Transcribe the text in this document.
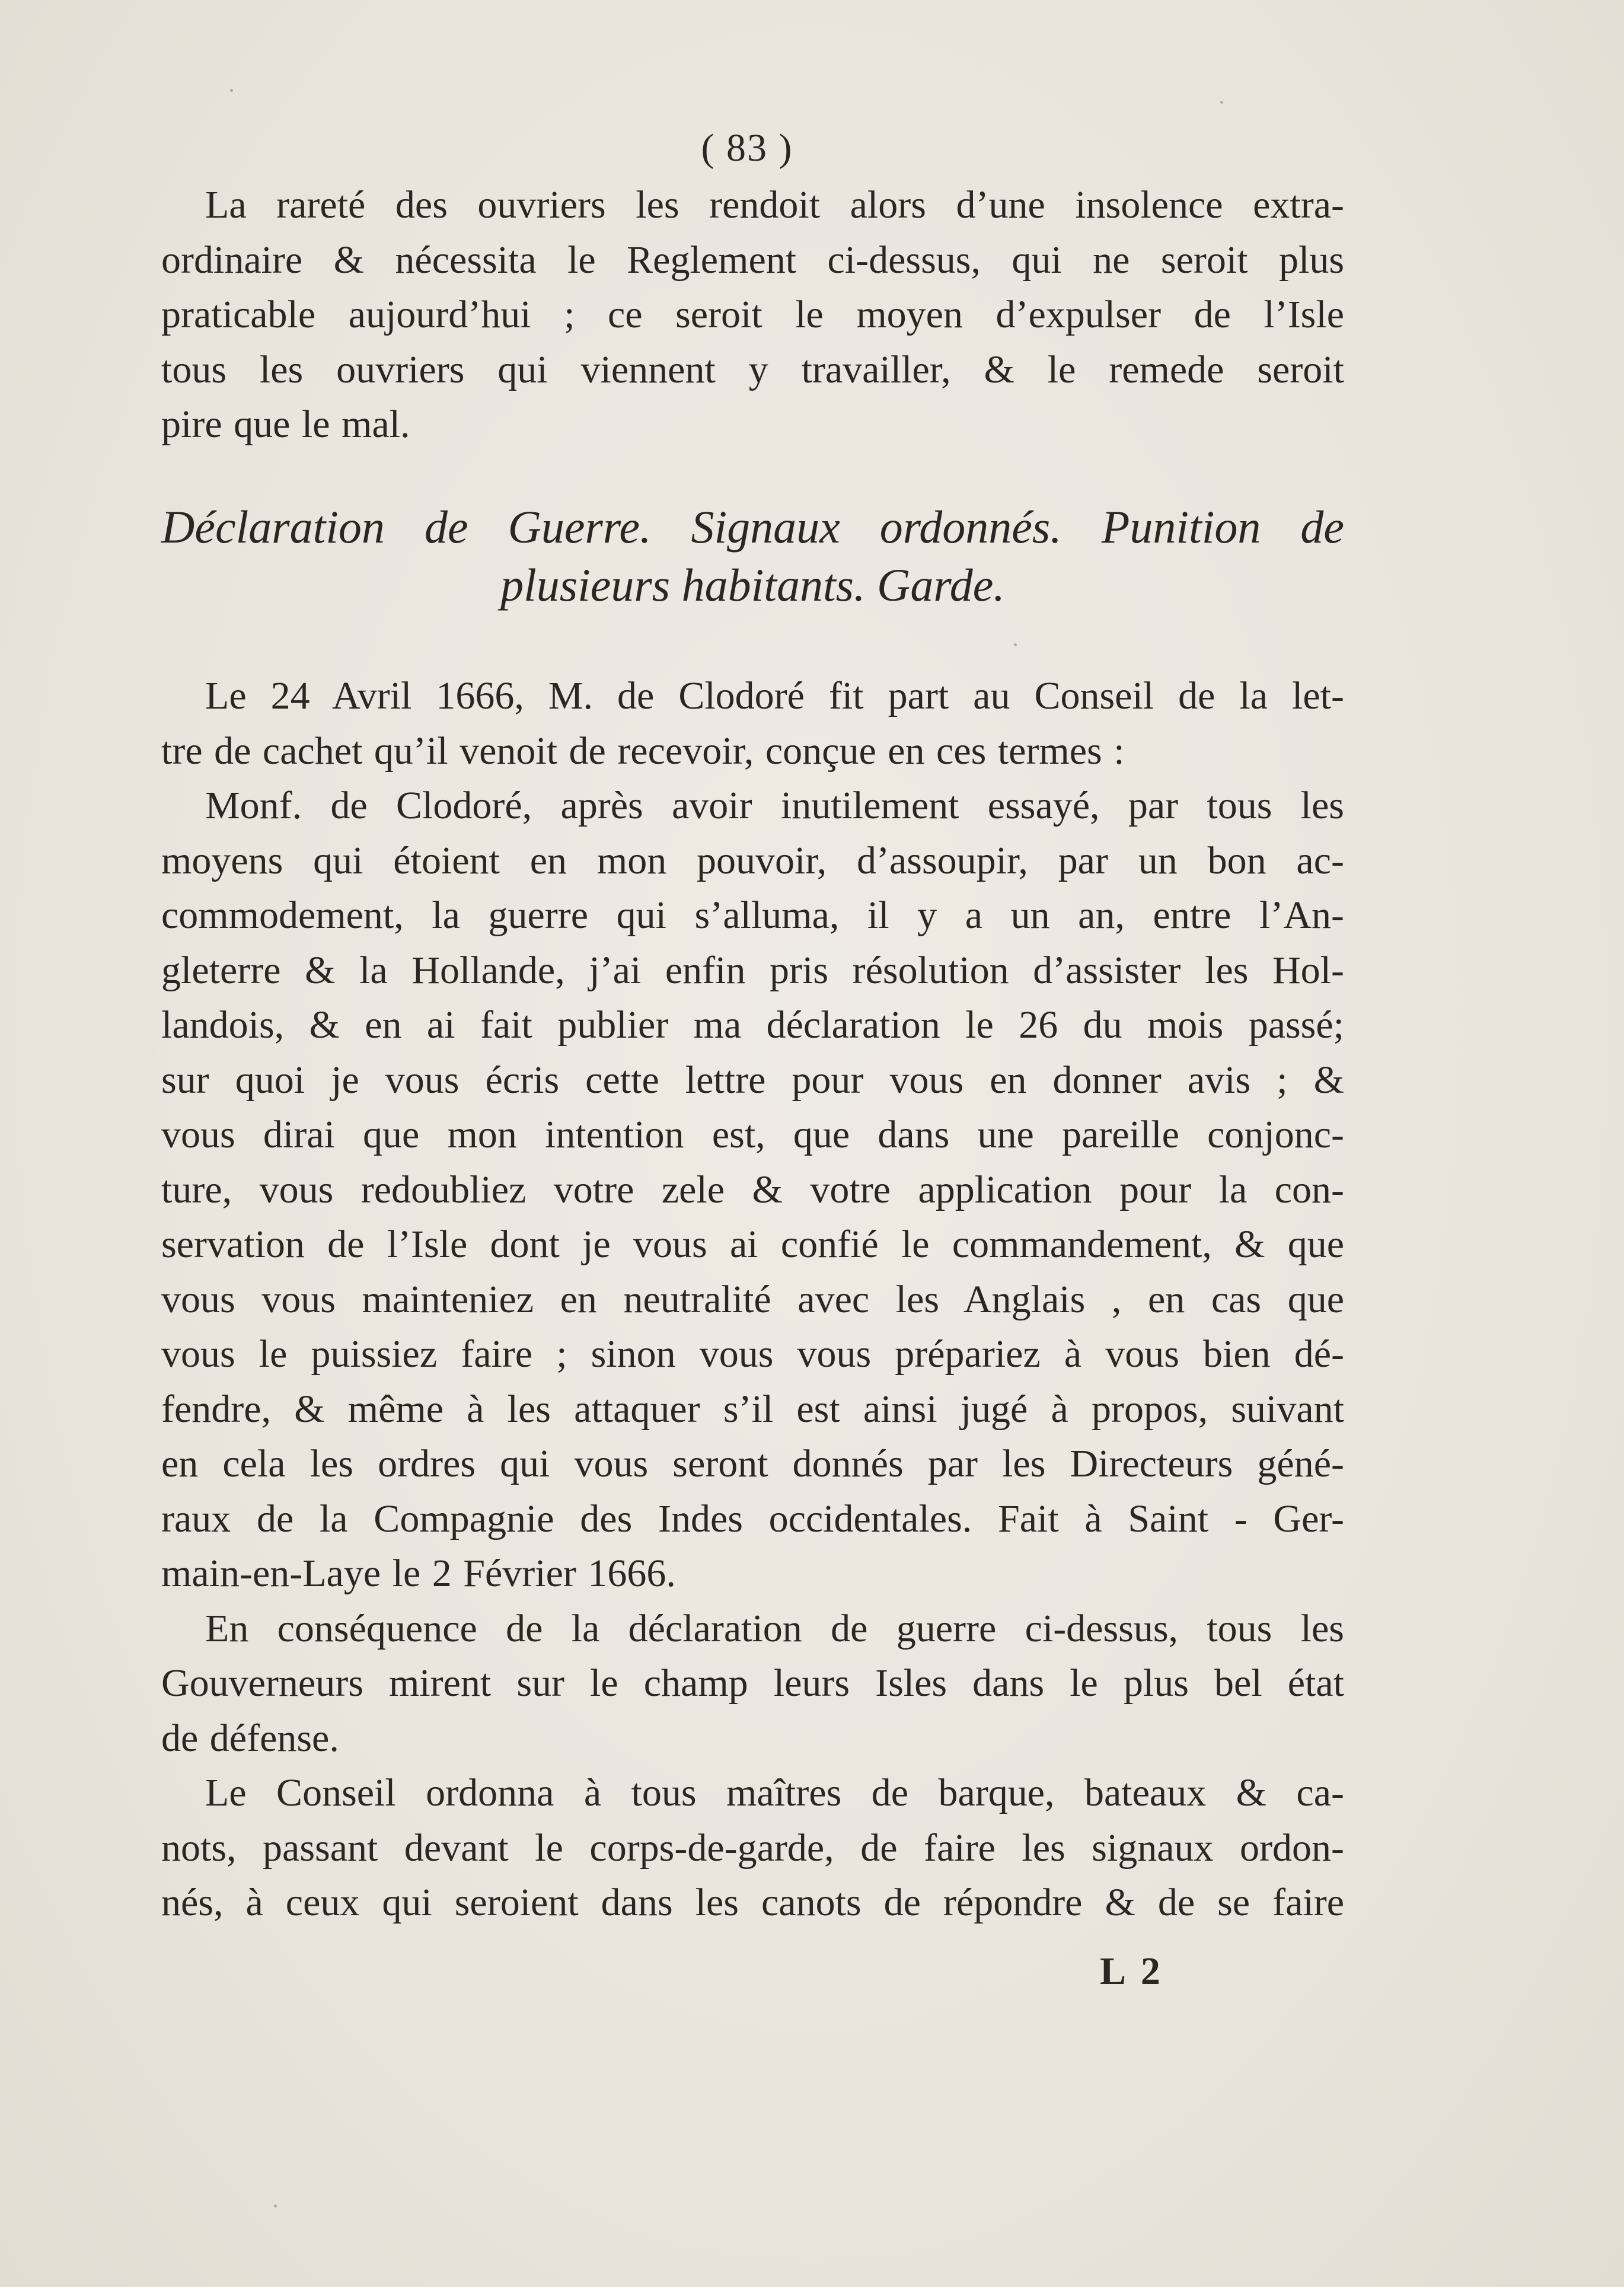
( 83 )
La rareté des ouvriers les rendoit alors d’une insolence extra-
ordinaire & nécessita le Reglement ci-dessus, qui ne seroit plus
praticable aujourd’hui ; ce seroit le moyen d’expulser de l’Isle
tous les ouvriers qui viennent y travailler, & le remede seroit
pire que le mal.
Déclaration de Guerre. Signaux ordonnés. Punition de
plusieurs habitants. Garde.
Le 24 Avril 1666, M. de Clodoré fit part au Conseil de la let-
tre de cachet qu’il venoit de recevoir, conçue en ces termes :
Monf. de Clodoré, après avoir inutilement essayé, par tous les
moyens qui étoient en mon pouvoir, d’assoupir, par un bon ac-
commodement, la guerre qui s’alluma, il y a un an, entre l’An-
gleterre & la Hollande, j’ai enfin pris résolution d’assister les Hol-
landois, & en ai fait publier ma déclaration le 26 du mois passé;
sur quoi je vous écris cette lettre pour vous en donner avis ; &
vous dirai que mon intention est, que dans une pareille conjonc-
ture, vous redoubliez votre zele & votre application pour la con-
servation de l’Isle dont je vous ai confié le commandement, & que
vous vous mainteniez en neutralité avec les Anglais , en cas que
vous le puissiez faire ; sinon vous vous prépariez à vous bien dé-
fendre, & même à les attaquer s’il est ainsi jugé à propos, suivant
en cela les ordres qui vous seront donnés par les Directeurs géné-
raux de la Compagnie des Indes occidentales. Fait à Saint - Ger-
main-en-Laye le 2 Février 1666.
En conséquence de la déclaration de guerre ci-dessus, tous les
Gouverneurs mirent sur le champ leurs Isles dans le plus bel état
de défense.
Le Conseil ordonna à tous maîtres de barque, bateaux & ca-
nots, passant devant le corps-de-garde, de faire les signaux ordon-
nés, à ceux qui seroient dans les canots de répondre & de se faire
L 2
